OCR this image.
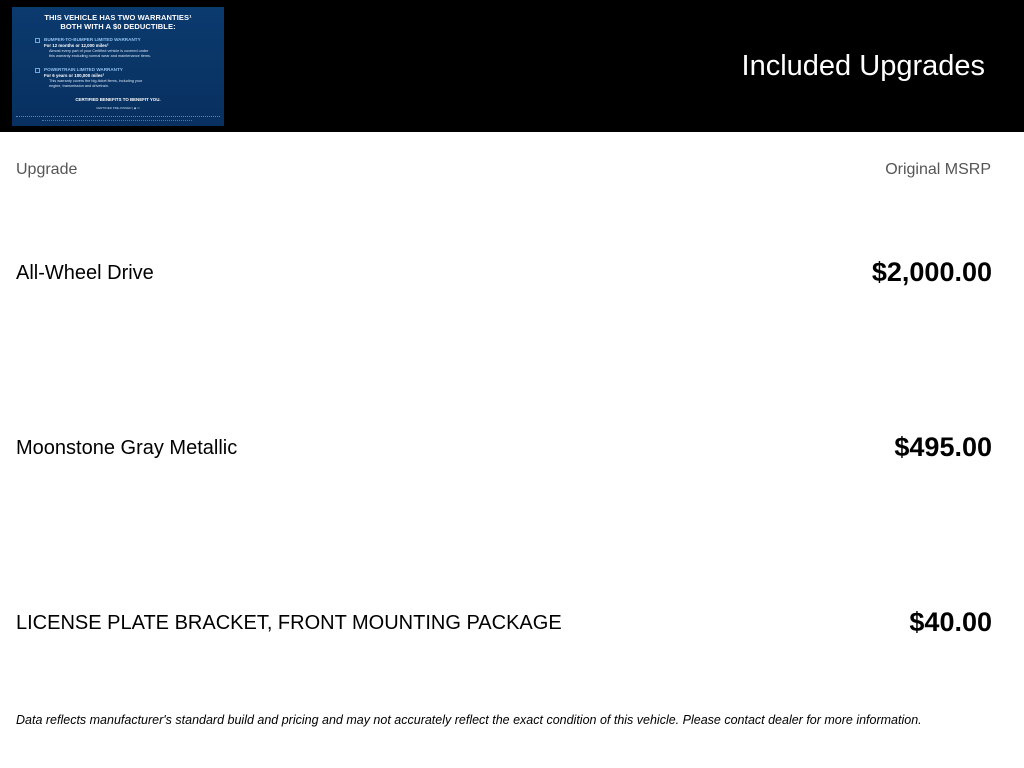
THIS VEHICLE HAS TWO WARRANTIES¹
BOTH WITH A $0 DEDUCTIBLE:
BUMPER-TO-BUMPER LIMITED WARRANTY
For 12 months or 12,000 miles²
Almost every part of your Certified vehicle is covered under
this warranty excluding normal wear and maintenance items.
POWERTRAIN LIMITED WARRANTY
For 6 years or 100,000 miles²
This warranty covers the big-ticket items, including your
engine, transmission and drivetrain.
CERTIFIED BENEFITS TO BENEFIT YOU.
CERTIFIED PRE-OWNED | ◆ ▭
Included Upgrades
Upgrade	Original MSRP
All-Wheel Drive	$2,000.00
Moonstone Gray Metallic	$495.00
LICENSE PLATE BRACKET, FRONT MOUNTING PACKAGE	$40.00
Data reflects manufacturer's standard build and pricing and may not accurately reflect the exact condition of this vehicle. Please contact dealer for more information.
